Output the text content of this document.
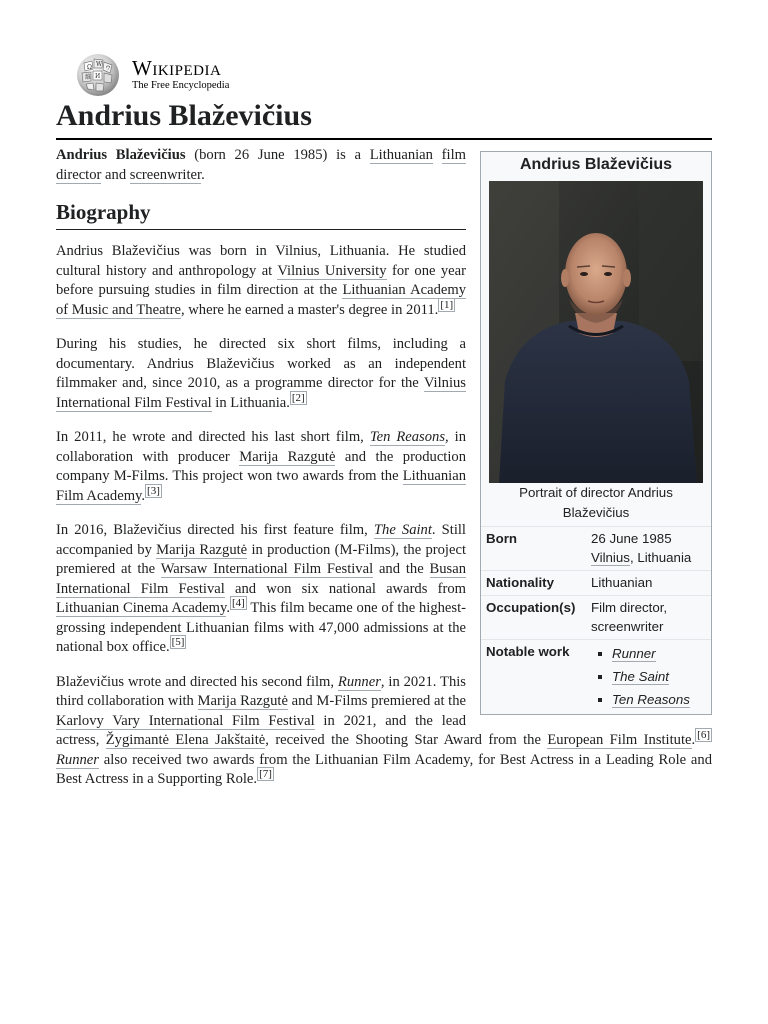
Ω W
И
維
ウ Wikipedia
The Free Encyclopedia
Andrius Blaževičius
Andrius Blaževičius
Portrait of director Andrius Blaževičius
Born	26 June 1985
Vilnius, Lithuania
Nationality	Lithuanian
Occupation(s)	Film director, screenwriter
Notable work	Runner
The Saint
Ten Reasons

Andrius Blaževičius (born 26 June 1985) is a Lithuanian film director and screenwriter.

Biography

Andrius Blaževičius was born in Vilnius, Lithuania. He studied cultural history and anthropology at Vilnius University for one year before pursuing studies in film direction at the Lithuanian Academy of Music and Theatre, where he earned a master's degree in 2011. [1]

During his studies, he directed six short films, including a documentary. Andrius Blaževičius worked as an independent filmmaker and, since 2010, as a programme director for the Vilnius International Film Festival in Lithuania. [2]

In 2011, he wrote and directed his last short film, Ten Reasons, in collaboration with producer Marija Razgutė and the production company M-Films. This project won two awards from the Lithuanian Film Academy. [3]

In 2016, Blaževičius directed his first feature film, The Saint. Still accompanied by Marija Razgutė in production (M-Films), the project premiered at the Warsaw International Film Festival and the Busan International Film Festival and won six national awards from Lithuanian Cinema Academy. [4] This film became one of the highest-grossing independent Lithuanian films with 47,000 admissions at the national box office. [5]

Blaževičius wrote and directed his second film, Runner, in 2021. This third collaboration with Marija Razgutė and M-Films premiered at the Karlovy Vary International Film Festival in 2021, and the lead actress, Žygimantė Elena Jakštaitė, received the Shooting Star Award from the European Film Institute. [6] Runner also received two awards from the Lithuanian Film Academy, for Best Actress in a Leading Role and Best Actress in a Supporting Role. [7]
